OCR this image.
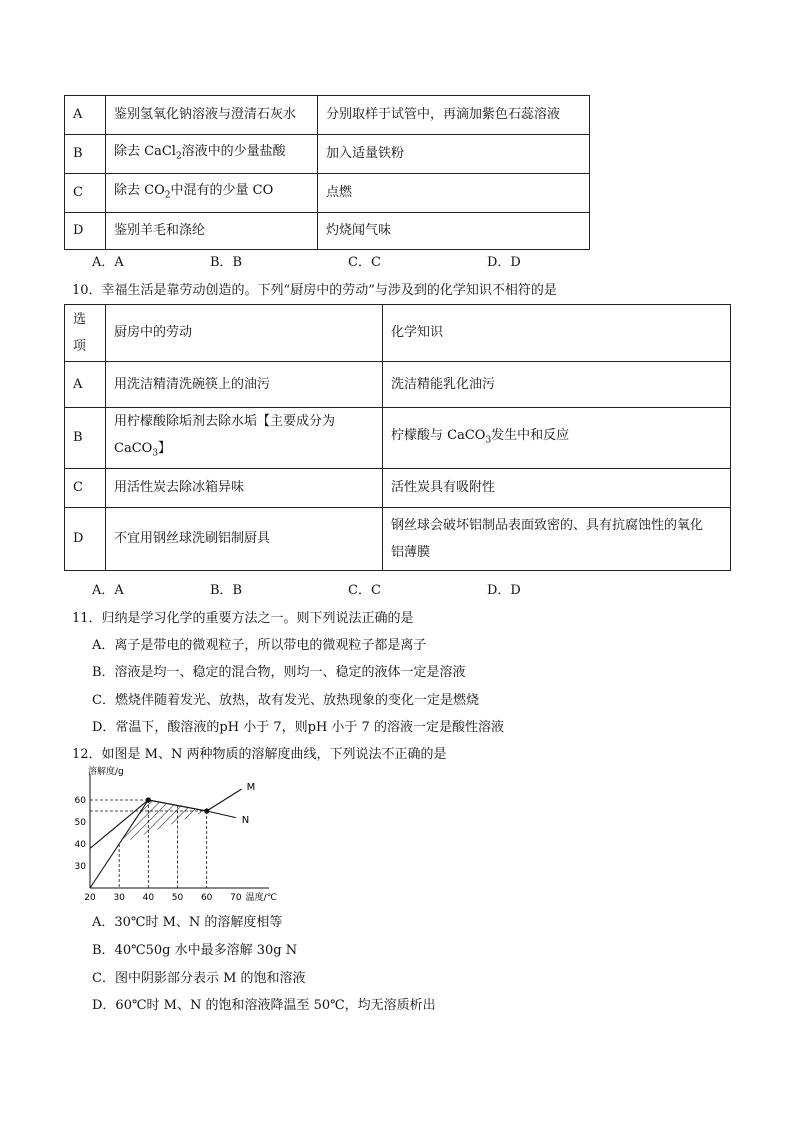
A	鉴别氢氧化钠溶液与澄清石灰水	分别取样于试管中，再滴加紫色石蕊溶液
B	除去 CaCl$_2$溶液中的少量盐酸	加入适量铁粉
C	除去 $CO_2$中混有的少量 CO	点燃
D	鉴别羊毛和涤纶	灼烧闻气味
A．A	B．B	C．C	D．D
10．幸福生活是靠劳动创造的。下列“厨房中的劳动”与涉及到的化学知识不相符的是
选
项	厨房中的劳动	化学知识
A	用洗洁精清洗碗筷上的油污	洗洁精能乳化油污
B	用柠檬酸除垢剂去除水垢【主要成分为
CaCO$_3$】	柠檬酸与 CaCO$_3$发生中和反应
C	用活性炭去除冰箱异味	活性炭具有吸附性
D	不宜用钢丝球洗刷铝制厨具	钢丝球会破坏铝制品表面致密的、具有抗腐蚀性的氧化
铝薄膜
A．A	B．B	C．C	D．D
11．归纳是学习化学的重要方法之一。则下列说法正确的是
A．离子是带电的微观粒子，所以带电的微观粒子都是离子
B．溶液是均一、稳定的混合物，则均一、稳定的液体一定是溶液
C．燃烧伴随着发光、放热，故有发光、放热现象的变化一定是燃烧
D．常温下，酸溶液的pH 小于 7，则pH 小于 7 的溶液一定是酸性溶液
12．如图是 M、N 两种物质的溶解度曲线，下列说法不正确的是
M
N
20 30 40 50 60 70
30
40
50
60
溶解度/g
温度/℃
A．30℃时 M、N 的溶解度相等
B．40℃50g 水中最多溶解 30g N
C．图中阴影部分表示 M 的饱和溶液
D．60℃时 M、N 的饱和溶液降温至 50℃，均无溶质析出
